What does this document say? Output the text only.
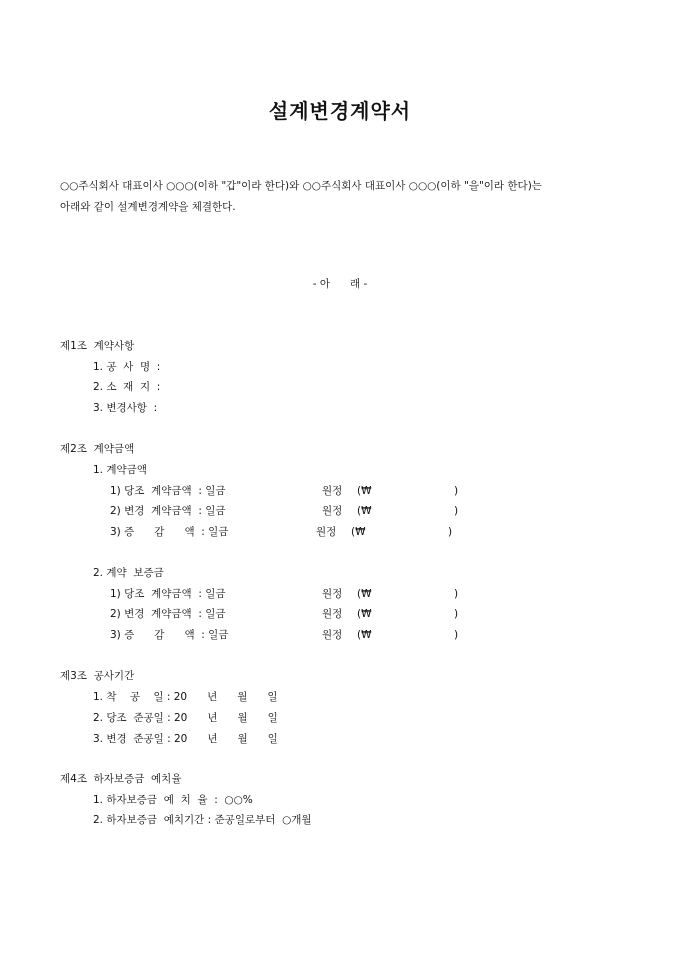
설계변경계약서
○○주식회사 대표이사 ○○○(이하 "갑"이라 한다)와 ○○주식회사 대표이사 ○○○(이하 "을"이라 한다)는
아래와 같이 설계변경계약을 체결한다.
- 아      래 -
제1조  계약사항
1. 공  사  명  :
2. 소  재  지  :
3. 변경사항  :
제2조  계약금액
1. 계약금액
1) 당조  계약금액  : 일금	원정 (₩	)
2) 변경  계약금액  : 일금	원정 (₩	)
3) 증      감      액  : 일금	원정 (₩	)
2. 계약  보증금
1) 당조  계약금액  : 일금	원정 (₩	)
2) 변경  계약금액  : 일금	원정 (₩	)
3) 증      감      액  : 일금	원정 (₩	)
제3조  공사기간
1. 착    공    일 : 20      년      월      일
2. 당조  준공일 : 20      년      월      일
3. 변경  준공일 : 20      년      월      일
제4조  하자보증금  예치율
1. 하자보증금  예  치  율  :  ○○%
2. 하자보증금  예치기간 : 준공일로부터  ○개월
